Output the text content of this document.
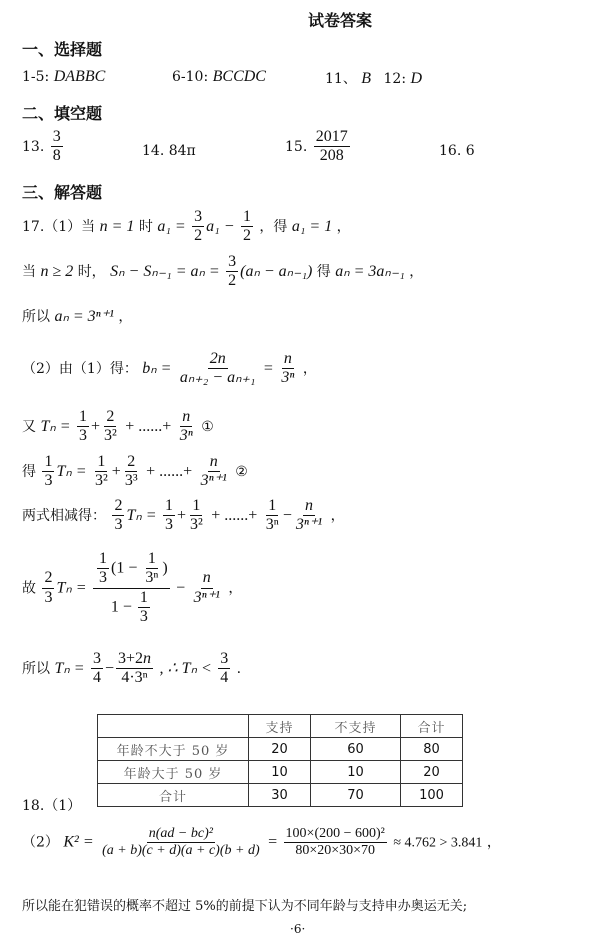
试卷答案
一、选择题
1-5: DABBC	6-10: BCCDC	11、 B 12: D
二、填空题
13. $\frac{3}{8}$	14. 84π	15. $\frac{2017}{208}$	16. 6
三、解答题
17.（1）当 n = 1 时 $a_1 = \frac{3}{2} a_1 - \frac{1}{2}$ ，得 a₁ = 1 ，
当 n ≥ 2 时， $S_n - S_{n-1} = a_n = \frac{3}{2} (a_n - a_{n-1})$ 得 aₙ = 3aₙ₋₁ ，
所以 aₙ = 3ⁿ⁺¹ ，
（2）由（1）得： $b_n = \frac{2n}{\text{aₙ₊₂ − aₙ₊₁}} = \frac{n}{\text{3ⁿ}}$ ，
又 $T_n = \frac{1}{3} + \frac{2}{\text{3²}}$ + ......+ $\frac{n}{\text{3ⁿ}}$ ①
得 $\frac{1}{3}$ $T_n = \frac{1}{\text{3²}} + \frac{2}{\text{3³}}$ + ......+ $\frac{n}{\text{3ⁿ⁺¹}}$ ②
两式相减得： $\frac{2}{3}$ $T_n = \frac{1}{3} + \frac{1}{\text{3²}}$ + ......+ $\frac{1}{\text{3ⁿ}} - \frac{n}{\text{3ⁿ⁺¹}}$ ，
故 $\frac{2}{3}$ $T_n = \frac{\frac{1}{3} (1 - \frac{1}{\text{3ⁿ}} )}{1 - \frac{1}{3}} - \frac{n}{\text{3ⁿ⁺¹}}$ ，
所以 $T_n = \frac{3}{4} - \frac{3+2n}{\text{4·3ⁿ}}$ , ∴ $T_n < \frac{3}{4}$ .
	支持	不支持	合计
年龄不大于 50 岁	20	60	80
年龄大于 50 岁	10	10	20
合计	30	70	100
18.（1）
（2） $K^2 = \frac{\text{n(ad − bc)²}}{(a + b)(c + d)(a + c)(b + d)} = \frac{\text{100×(200 − 600)²}}{80\times 20\times 30\times 70} \approx 4.762 > 3.841$ ，
所以能在犯错误的概率不超过 5%的前提下认为不同年龄与支持申办奥运无关;
·6·
